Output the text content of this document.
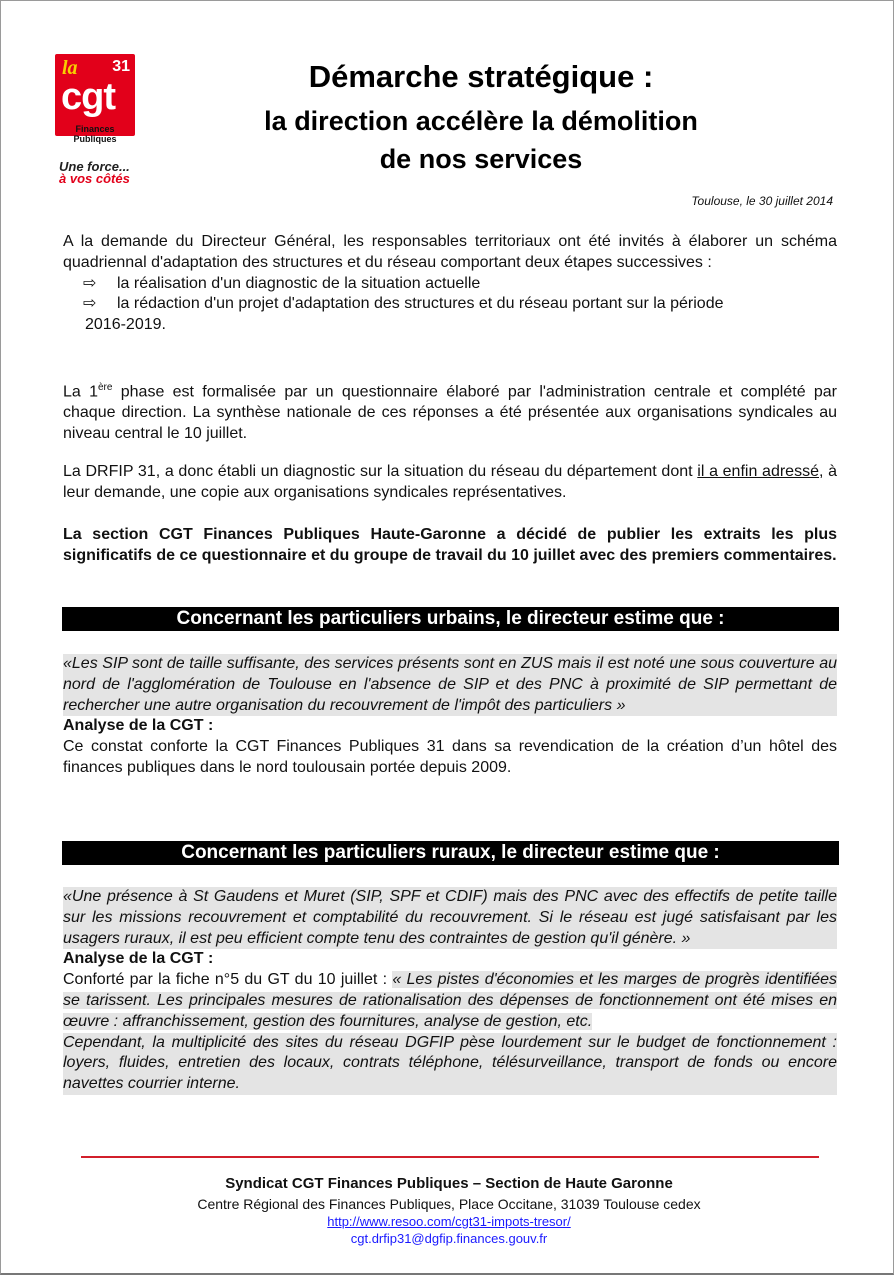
la 31
cgt
Finances
Publiques
Une force...
à vos côtés
Démarche stratégique :
la direction accélère la démolition
de nos services
Toulouse, le 30 juillet 2014

A la demande du Directeur Général, les responsables territoriaux ont été invités à élaborer un schéma quadriennal d'adaptation des structures et du réseau comportant deux étapes successives :

⇨ la réalisation d'un diagnostic de la situation actuelle
⇨ la rédaction d'un projet d'adaptation des structures et du réseau portant sur la période
2016-2019.

La 1ère phase est formalisée par un questionnaire élaboré par l'administration centrale et complété par chaque direction. La synthèse nationale de ces réponses a été présentée aux organisations syndicales au niveau central le 10 juillet.

La DRFIP 31, a donc établi un diagnostic sur la situation du réseau du département dont il a enfin adressé, à leur demande, une copie aux organisations syndicales représentatives.

La section CGT Finances Publiques Haute-Garonne a décidé de publier les extraits les plus significatifs de ce questionnaire et du groupe de travail du 10 juillet avec des premiers commentaires.
Concernant les particuliers urbains, le directeur estime que :

«Les SIP sont de taille suffisante, des services présents sont en ZUS mais il est noté une sous couverture au nord de l'agglomération de Toulouse en l'absence de SIP et des PNC à proximité de SIP permettant de rechercher une autre organisation du recouvrement de l'impôt des particuliers »

Analyse de la CGT :

Ce constat conforte la CGT Finances Publiques 31 dans sa revendication de la création d’un hôtel des finances publiques dans le nord toulousain portée depuis 2009.

Concernant les particuliers ruraux, le directeur estime que :

«Une présence à St Gaudens et Muret (SIP, SPF et CDIF) mais des PNC avec des effectifs de petite taille sur les missions recouvrement et comptabilité du recouvrement. Si le réseau est jugé satisfaisant par les usagers ruraux, il est peu efficient compte tenu des contraintes de gestion qu'il génère. »

Analyse de la CGT :

Conforté par la fiche n°5 du GT du 10 juillet : « Les pistes d'économies et les marges de progrès identifiées se tarissent. Les principales mesures de rationalisation des dépenses de fonctionnement ont été mises en œuvre : affranchissement, gestion des fournitures, analyse de gestion, etc.

Cependant, la multiplicité des sites du réseau DGFIP pèse lourdement sur le budget de fonctionnement : loyers, fluides, entretien des locaux, contrats téléphone, télésurveillance, transport de fonds ou encore navettes courrier interne.

Syndicat CGT Finances Publiques – Section de Haute Garonne
Centre Régional des Finances Publiques, Place Occitane, 31039 Toulouse cedex
http://www.resoo.com/cgt31-impots-tresor/
cgt.drfip31@dgfip.finances.gouv.fr
